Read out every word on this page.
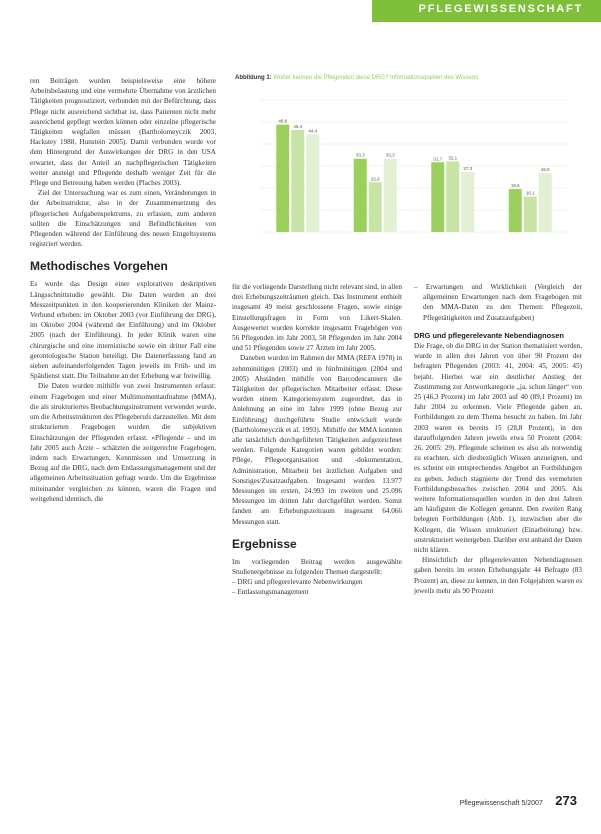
PFLEGEWISSENSCHAFT

ren Beiträgen wurden beispielsweise eine höhere Arbeitsbelastung und eine vermehrte Übernahme von ärztlichen Tätigkeiten prognostiziert, verbunden mit der Befürchtung, dass Pflege nicht ausreichend sichtbar ist, dass Patienten nicht mehr ausreichend gepflegt werden können oder einzelne pflegerische Tätigkeiten wegfallen müssen (Bartholomeyczik 2003, Hackstey 1988, Hunstein 2005). Damit verbunden wurde vor dem Hintergrund der Auswirkungen der DRG in den USA erwartet, dass der Anteil an nachpflegerischen Tätigkeiten weiter ansteigt und Pflegende deshalb weniger Zeit für die Pflege und Betreuung haben werden (Plaches 2003).

Ziel der Untersuchung war es zum einen, Veränderungen in der Arbeitsstruktur, also in der Zusammensetzung des pflegerischen Aufgabenspektrums, zu erfassen, zum anderen sollten die Einschätzungen und Befindlichkeiten von Pflegenden während der Einführung des neuen Entgeltsystems registriert werden.

Methodisches Vorgehen

Es wurde das Design einer explorativen deskriptiven Längsschnittstudie gewählt. Die Daten wurden an drei Messzeitpunkten in den kooperierenden Kliniken der Mainz-Verbund erhoben: im Oktober 2003 (vor Einführung der DRG), im Oktober 2004 (während der Einführung) und im Oktober 2005 (nach der Einführung). In jeder Klinik waren eine chirurgische und eine internistische sowie ein dritter Fall eine gerontologische Station beteiligt. Die Datenerfassung fand an sieben aufeinanderfolgenden Tagen jeweils im Früh- und im Spätdienst statt. Die Teilnahme an der Erhebung war freiwillig.

Die Daten wurden mithilfe von zwei Instrumenten erfasst: einem Fragebogen und einer Multimomentaufnahme (MMA), die als strukturiertes Beobachtungsinstrument verwendet wurde, um die Arbeitsstrukturen des Pflegeberufs darzustellen. Mit dem strukturierten Fragebogen wurden die subjektiven Einschätzungen der Pflegenden erfasst. »Pflegende – und im Jahr 2005 auch Ärzte – schätzten die zeitgerechte Fragebogen, indem nach Erwartungen, Kenntnissen und Umsetzung in Bezug auf die DRG, nach dem Entlassungsmanagement und der allgemeinen Arbeitssituation gefragt wurde. Um die Ergebnisse miteinander vergleichen zu können, waren die Fragen und weitgehend identisch, die

Abbildung 1: Woher kennen die Pflegenden diese DRG? Informationsquellen des Wissens
48,8
46,4
44,4
33,3
22,6
33,3
31,7 32,1
27,3
19,5
16,1
26,8

für die vorliegende Darstellung nicht relevant sind, in allen drei Erhebungszeiträumen gleich. Das Instrument enthielt insgesamt 49 meist geschlossene Fragen, sowie einige Einstellungsfragen in Form von Likert-Skalen. Ausgewertet wurden korrekte insgesamt Fragebögen von 56 Pflegenden im Jahr 2003, 58 Pflegenden im Jahr 2004 und 51 Pflegenden sowie 27 Ärzten im Jahr 2005.

Daneben wurden im Rahmen der MMA (REFA 1978) in zehnminütigen (2003) und in fünfminütigen (2004 und 2005) Abständen mithilfe von Barcodescannern die Tätigkeiten der pflegerischen Mitarbeiter erfasst. Diese wurden einem Kategoriensystem zugeordnet, das in Anlehnung an eine im Jahre 1999 (ohne Bezug zur Einführung) durchgeführte Studie entwickelt wurde (Bartholomeyczik et al. 1993). Mithilfe der MMA konnten alle tatsächlich durchgeführten Tätigkeiten aufgezeichnet werden. Folgende Kategorien waren gebildet worden: Pflege, Pflegeorganisation und -dokumentation, Administration, Mitarbeit bei ärztlichen Aufgaben und Sonstiges/Zusatzaufgaben. Insgesamt wurden 13.977 Messungen im ersten, 24.993 im zweiten und 25.096 Messungen im dritten Jahr durchgeführt werden. Somit fanden am Erhebungszeitraum insgesamt 64.066 Messungen statt.

Ergebnisse

Im vorliegenden Beitrag werden ausgewählte Studienergebnisse zu folgenden Themen dargestellt:

– DRG und pflegerelevante Nebenwirkungen
– Entlassungsmanagement
– Erwartungen und Wirklichkeit (Vergleich der allgemeinen Erwartungen nach dem Fragebogen mit den MMA-Daten zu den Themen: Pflegezeit, Pflegetätigkeiten und Zusatzaufgaben)
DRG und pflegerelevante Nebendiagnosen

Die Frage, ob die DRG in der Station thematisiert werden, wurde in allen drei Jahren von über 90 Prozent der befragten Pflegenden (2003: 41, 2004: 45, 2005: 45) bejaht. Hierbei war ein deutlicher Anstieg der Zustimmung zur Antwortkategorie „ja, schon länger“ von 25 (46,3 Prozent) im Jahr 2003 auf 40 (89,1 Prozent) im Jahr 2004 zu erkennen. Viele Pflegende gaben an, Fortbildungen zu dem Thema besucht zu haben. Im Jahr 2003 waren es bereits 15 (28,8 Prozent), in den darauffolgenden Jahren jeweils etwa 50 Prozent (2004: 26, 2005: 29). Pflegende scheinen es also als notwendig zu erachten, sich diesbezüglich Wissen anzueignen, und es scheint ein entsprechendes Angebot an Fortbildungen zu geben. Jedoch stagnierte der Trend des vermehrten Fortbildungsbesuches zwischen 2004 und 2005. Als weitere Informationsquellen wurden in den drei Jahren am häufigsten die Kollegen genannt. Den zweiten Rang belegten Fortbildungen (Abb. 1), inzwischen aber die Kollegen, die Wissen strukturiert (Einarbeitung) bzw. unstrukturiert weitergeben. Darüber erst anhand der Daten nicht klären.

Hinsichtlich der pflegerelevanten Nebendiagnosen gaben bereits im ersten Erhebungsjahr 44 Befragte (83 Prozent) an, diese zu kennen, in den Folgejahren waren es jeweils mehr als 90 Prozent

Pflegewissenschaft 5/2007 273
